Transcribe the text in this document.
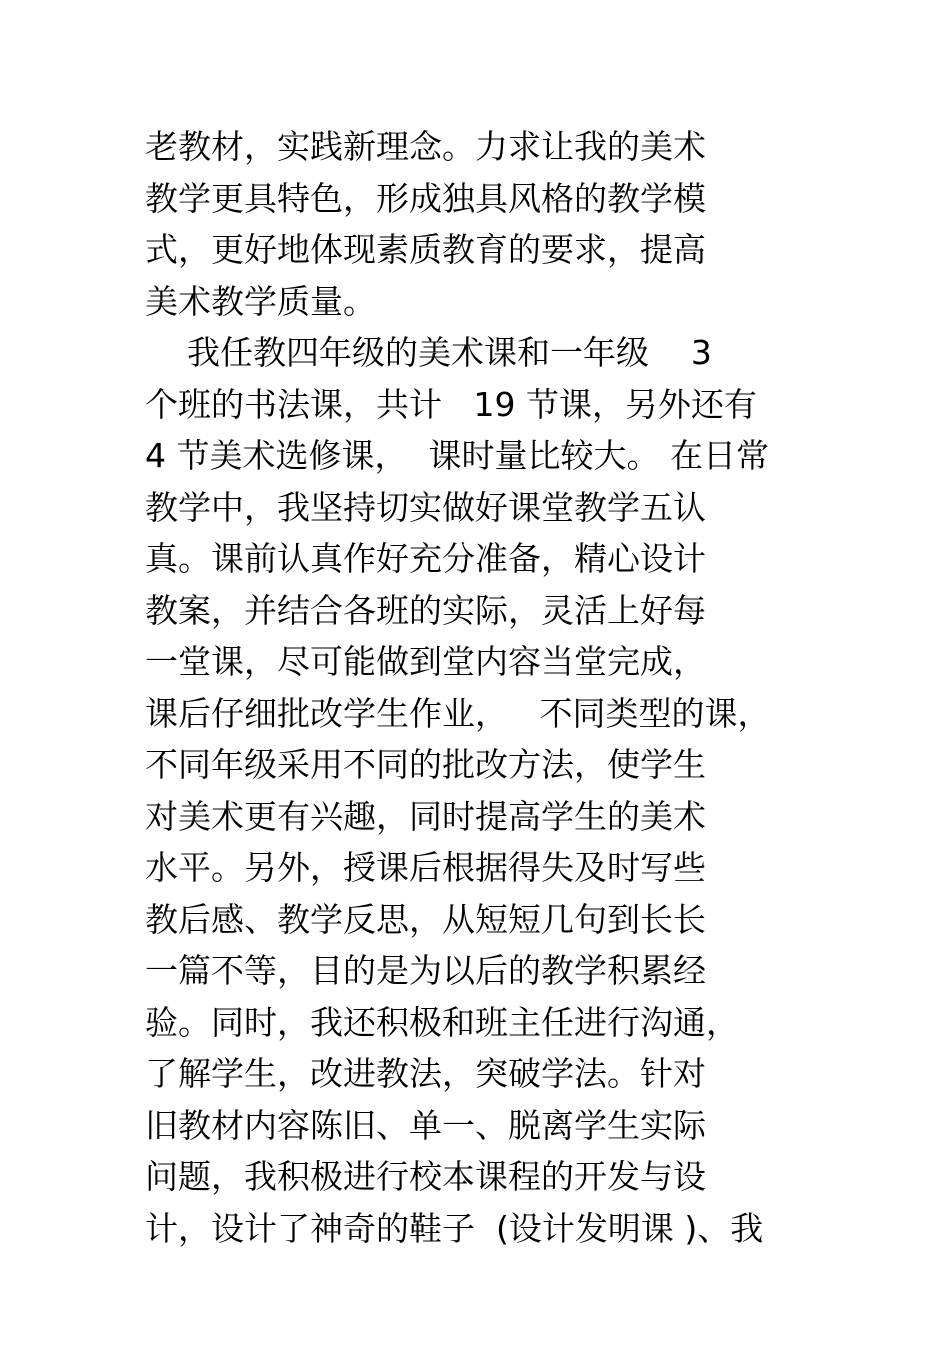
老教材，实践新理念。力求让我的美术
教学更具特色，形成独具风格的教学模
式，更好地体现素质教育的要求，提高
美术教学质量。
我任教四年级的美术课和一年级    3
个班的书法课，共计   19 节课，另外还有
4 节美术选修课，  课时量比较大。 在日常
教学中，我坚持切实做好课堂教学五认
真。课前认真作好充分准备，精心设计
教案，并结合各班的实际，灵活上好每
一堂课，尽可能做到堂内容当堂完成，
课后仔细批改学生作业，   不同类型的课，
不同年级采用不同的批改方法，使学生
对美术更有兴趣，同时提高学生的美术
水平。另外，授课后根据得失及时写些
教后感、教学反思，从短短几句到长长
一篇不等，目的是为以后的教学积累经
验。同时，我还积极和班主任进行沟通，
了解学生，改进教法，突破学法。针对
旧教材内容陈旧、单一、脱离学生实际
问题，我积极进行校本课程的开发与设
计，设计了神奇的鞋子  (设计发明课 )、我
